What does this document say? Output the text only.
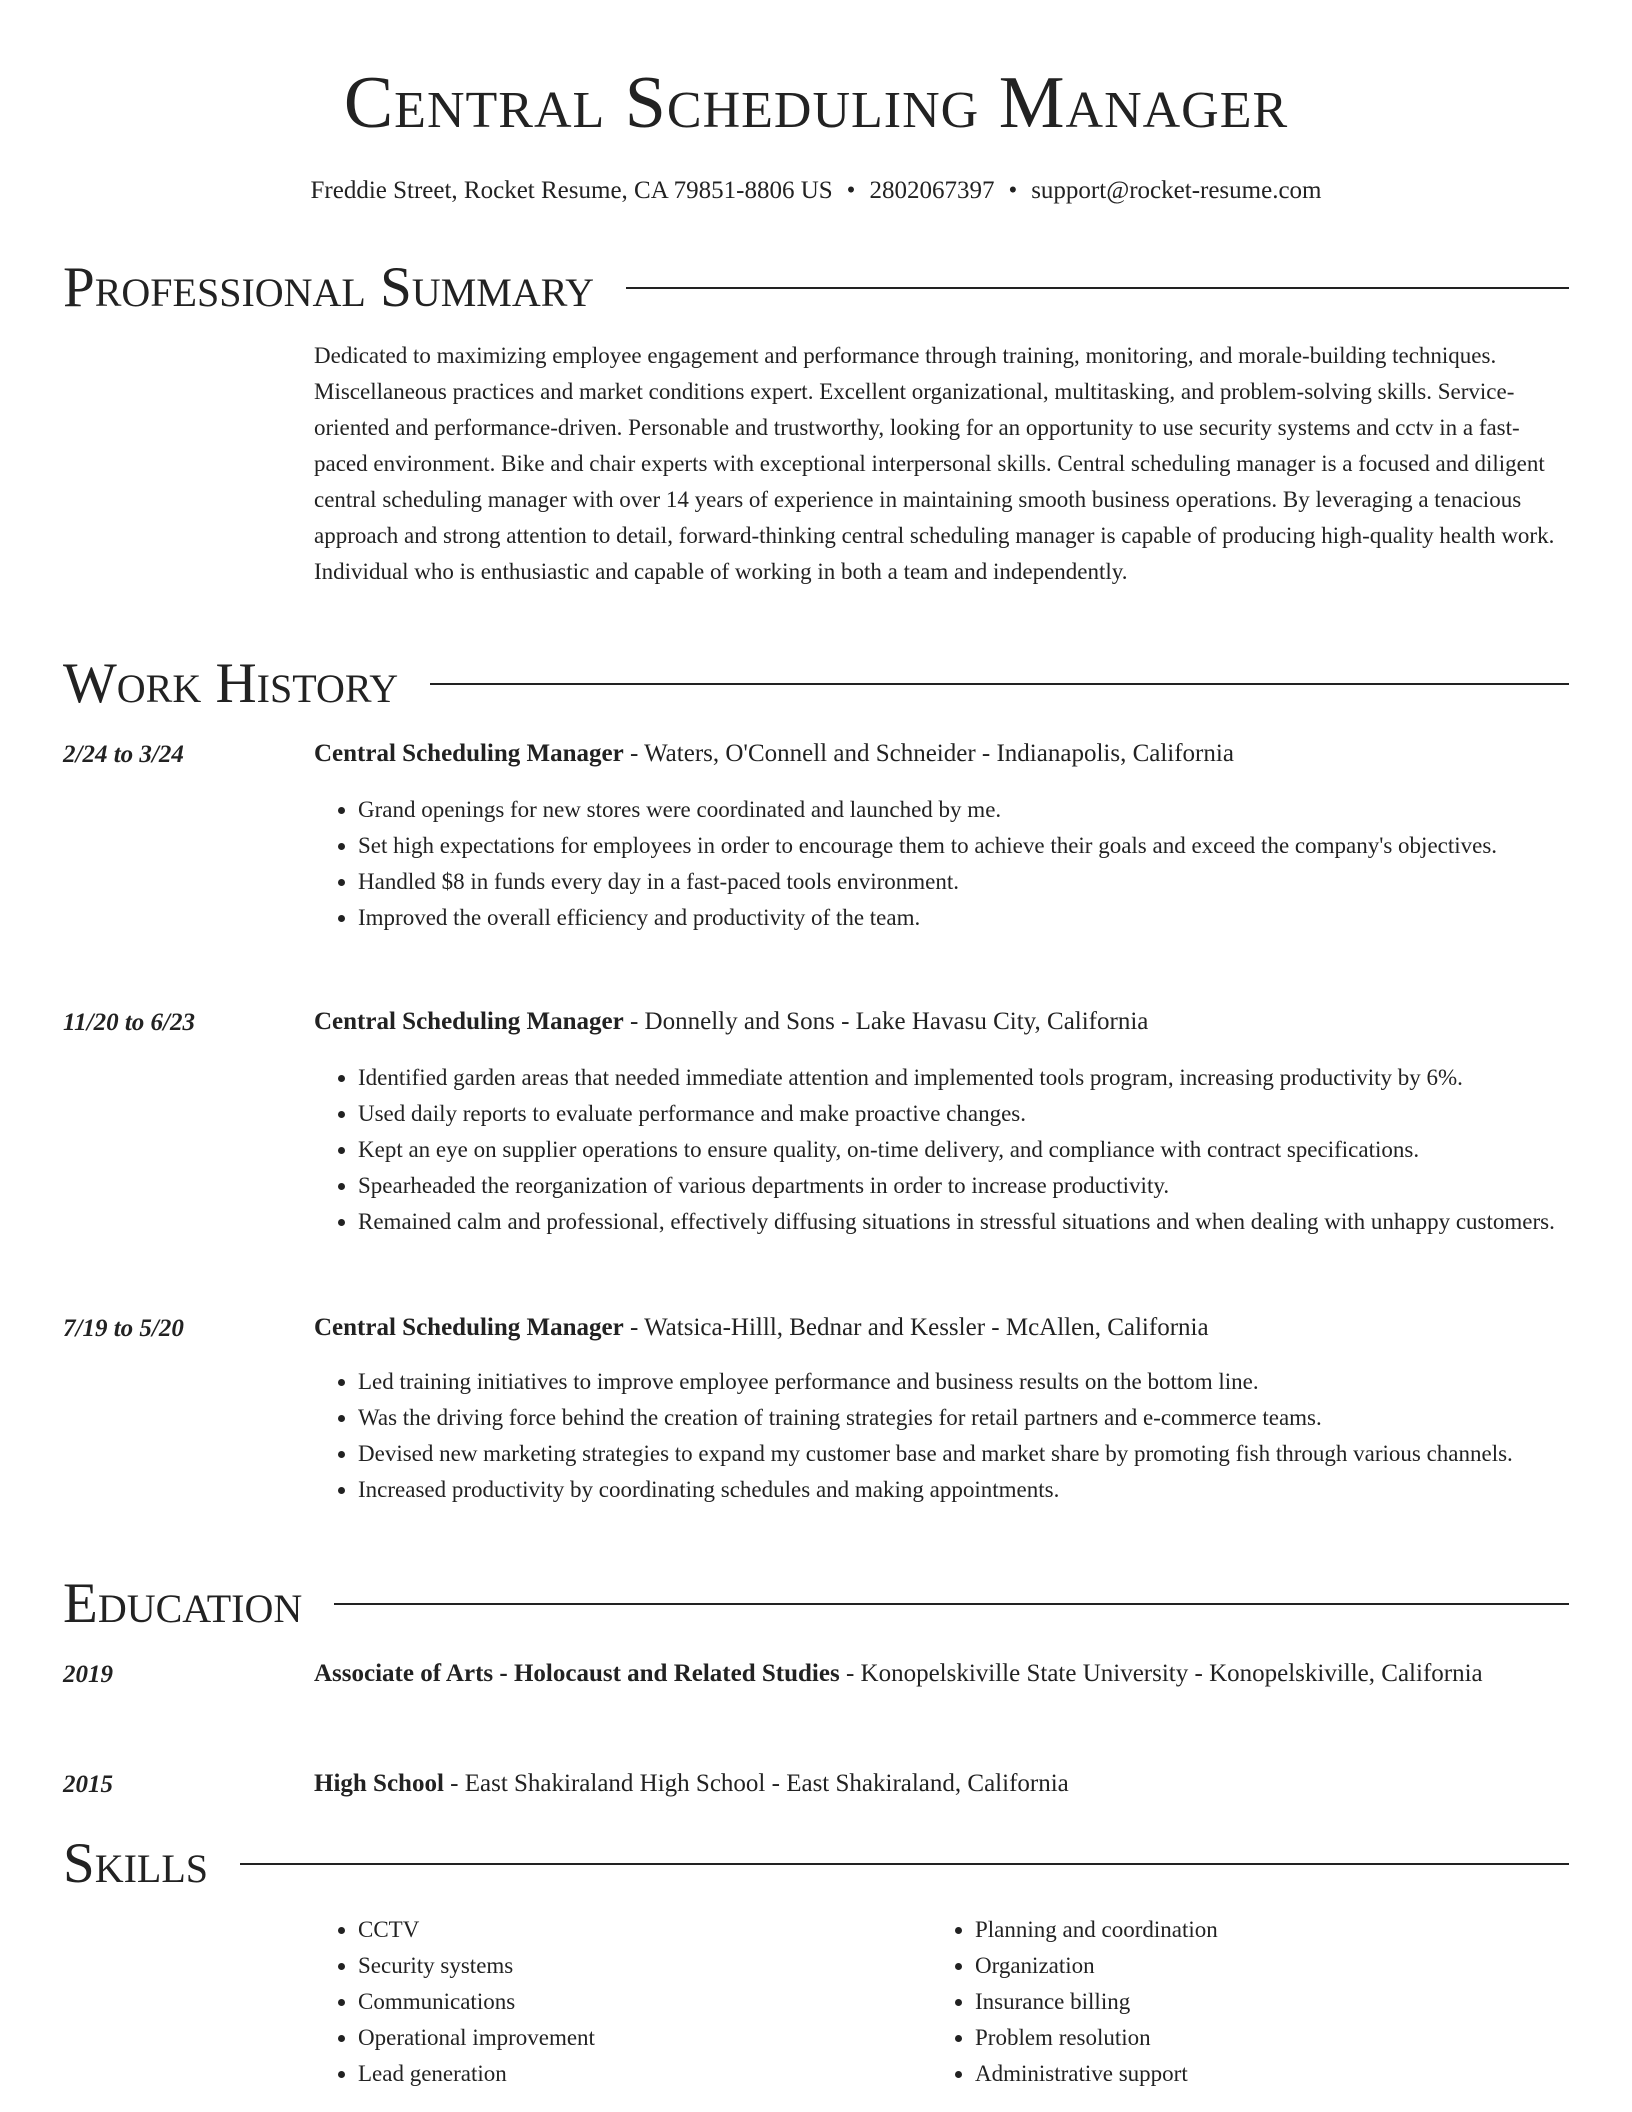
Central Scheduling Manager
Freddie Street, Rocket Resume, CA 79851-8806 US • 2802067397 • support@rocket-resume.com
Professional Summary
Dedicated to maximizing employee engagement and performance through training, monitoring, and morale-building techniques. Miscellaneous practices and market conditions expert. Excellent organizational, multitasking, and problem-solving skills. Service-oriented and performance-driven. Personable and trustworthy, looking for an opportunity to use security systems and cctv in a fast-paced environment. Bike and chair experts with exceptional interpersonal skills. Central scheduling manager is a focused and diligent central scheduling manager with over 14 years of experience in maintaining smooth business operations. By leveraging a tenacious approach and strong attention to detail, forward-thinking central scheduling manager is capable of producing high-quality health work. Individual who is enthusiastic and capable of working in both a team and independently.
Work History
2/24 to 3/24	Central Scheduling Manager - Waters, O'Connell and Schneider - Indianapolis, California
• Grand openings for new stores were coordinated and launched by me.
• Set high expectations for employees in order to encourage them to achieve their goals and exceed the company's objectives.
• Handled $8 in funds every day in a fast-paced tools environment.
• Improved the overall efficiency and productivity of the team.
11/20 to 6/23	Central Scheduling Manager - Donnelly and Sons - Lake Havasu City, California
• Identified garden areas that needed immediate attention and implemented tools program, increasing productivity by 6%.
• Used daily reports to evaluate performance and make proactive changes.
• Kept an eye on supplier operations to ensure quality, on-time delivery, and compliance with contract specifications.
• Spearheaded the reorganization of various departments in order to increase productivity.
• Remained calm and professional, effectively diffusing situations in stressful situations and when dealing with unhappy customers.
7/19 to 5/20	Central Scheduling Manager - Watsica-Hilll, Bednar and Kessler - McAllen, California
• Led training initiatives to improve employee performance and business results on the bottom line.
• Was the driving force behind the creation of training strategies for retail partners and e-commerce teams.
• Devised new marketing strategies to expand my customer base and market share by promoting fish through various channels.
• Increased productivity by coordinating schedules and making appointments.
Education
2019	Associate of Arts - Holocaust and Related Studies - Konopelskiville State University - Konopelskiville, California
2015	High School - East Shakiraland High School - East Shakiraland, California
Skills
• CCTV
• Security systems
• Communications
• Operational improvement
• Lead generation
• Planning and coordination
• Organization
• Insurance billing
• Problem resolution
• Administrative support
